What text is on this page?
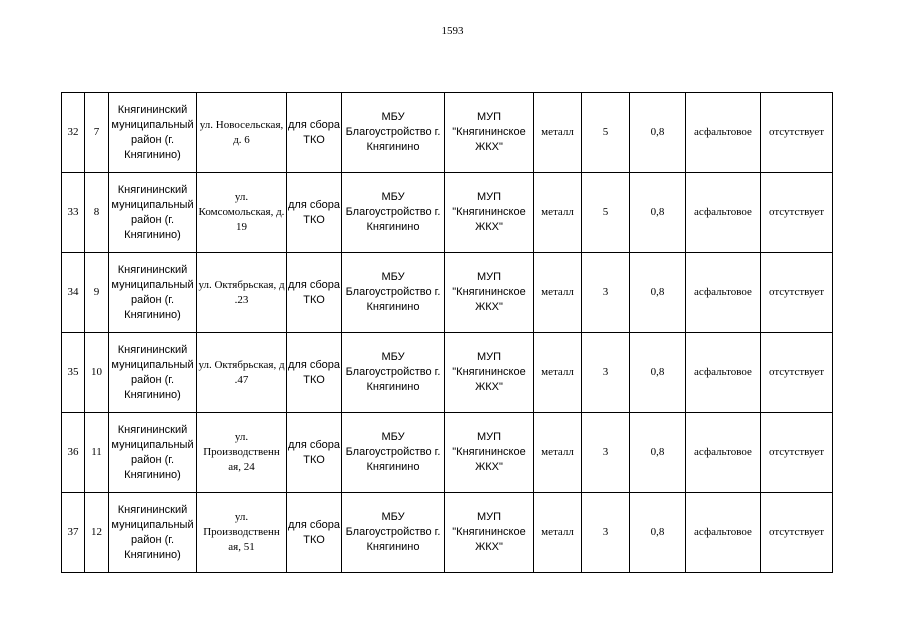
1593
32	7	Княгининский муниципальный район (г. Княгинино)	ул. Новосельская, д. 6	для сбора ТКО	МБУ Благоустройство г. Княгинино	МУП "Княгининское ЖКХ"	металл	5	0,8	асфальтовое	отсутствует
33	8	Княгининский муниципальный район (г. Княгинино)	ул. Комсомольская, д. 19	для сбора ТКО	МБУ Благоустройство г. Княгинино	МУП "Княгининское ЖКХ"	металл	5	0,8	асфальтовое	отсутствует
34	9	Княгининский муниципальный район (г. Княгинино)	ул. Октябрьская, д .23	для сбора ТКО	МБУ Благоустройство г. Княгинино	МУП "Княгининское ЖКХ"	металл	3	0,8	асфальтовое	отсутствует
35	10	Княгининский муниципальный район (г. Княгинино)	ул. Октябрьская, д .47	для сбора ТКО	МБУ Благоустройство г. Княгинино	МУП "Княгининское ЖКХ"	металл	3	0,8	асфальтовое	отсутствует
36	11	Княгининский муниципальный район (г. Княгинино)	ул. Производственн ая, 24	для сбора ТКО	МБУ Благоустройство г. Княгинино	МУП "Княгининское ЖКХ"	металл	3	0,8	асфальтовое	отсутствует
37	12	Княгининский муниципальный район (г. Княгинино)	ул. Производственн ая, 51	для сбора ТКО	МБУ Благоустройство г. Княгинино	МУП "Княгининское ЖКХ"	металл	3	0,8	асфальтовое	отсутствует
